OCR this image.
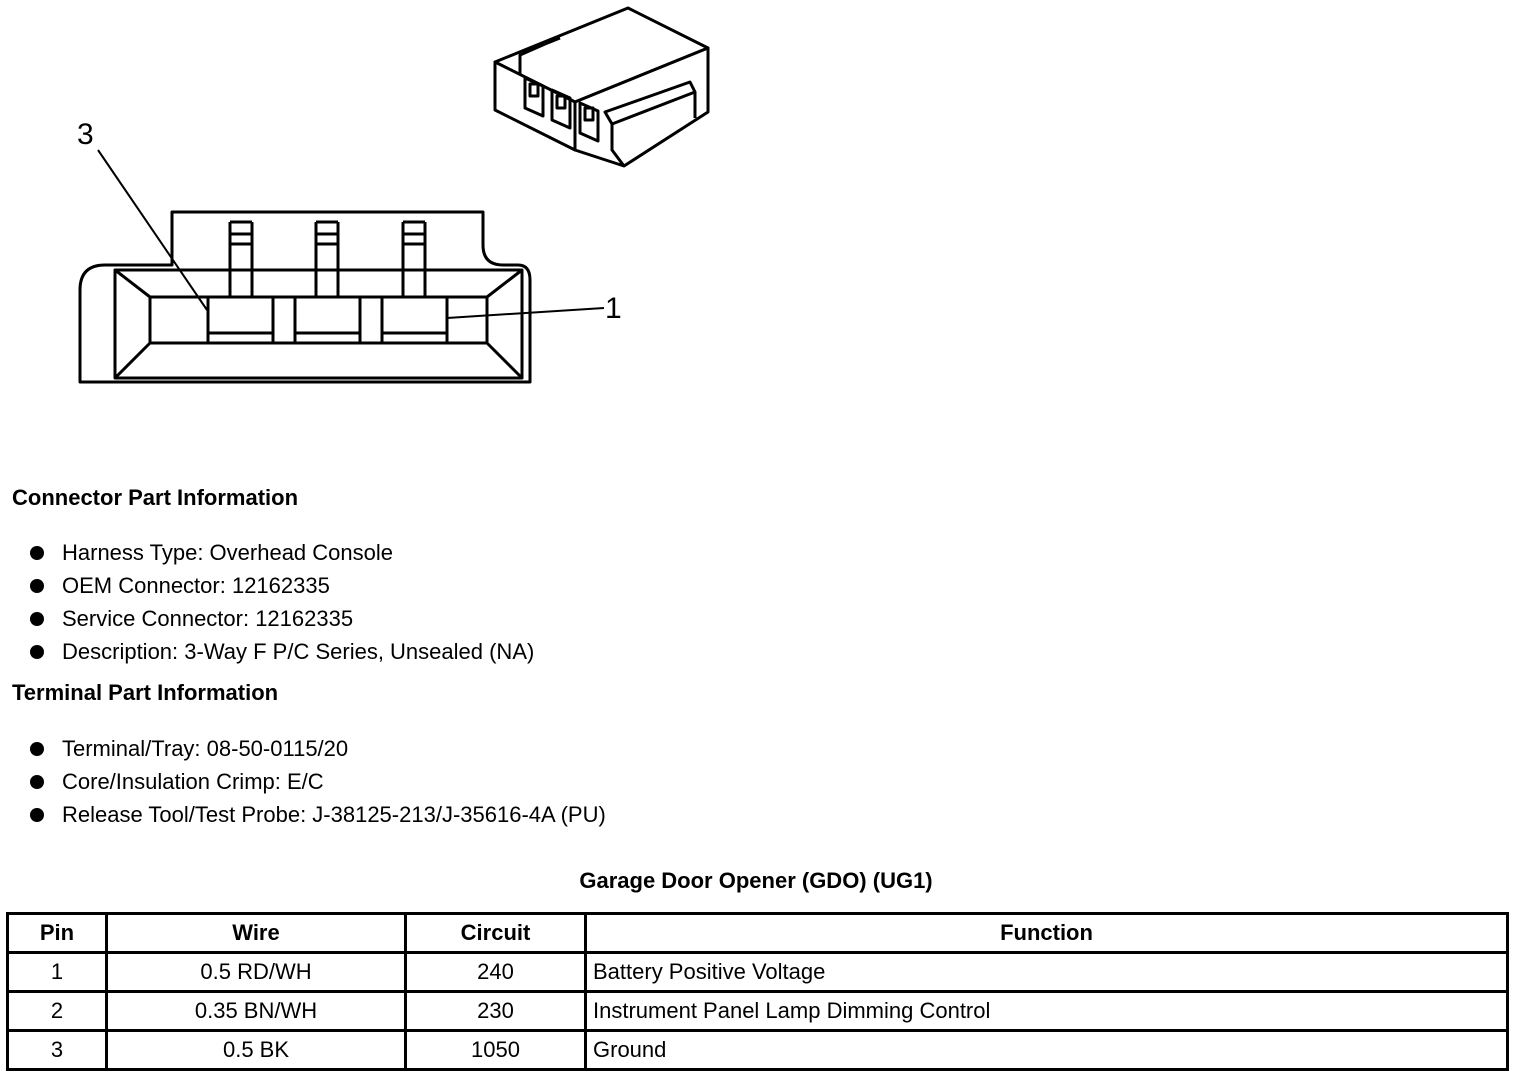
3
1
Connector Part Information
Harness Type: Overhead Console
OEM Connector: 12162335
Service Connector: 12162335
Description: 3-Way F P/C Series, Unsealed (NA)
Terminal Part Information
Terminal/Tray: 08-50-0115/20
Core/Insulation Crimp: E/C
Release Tool/Test Probe: J-38125-213/J-35616-4A (PU)
Garage Door Opener (GDO) (UG1)
Pin	Wire	Circuit	Function
1	0.5 RD/WH	240	Battery Positive Voltage
2	0.35 BN/WH	230	Instrument Panel Lamp Dimming Control
3	0.5 BK	1050	Ground
